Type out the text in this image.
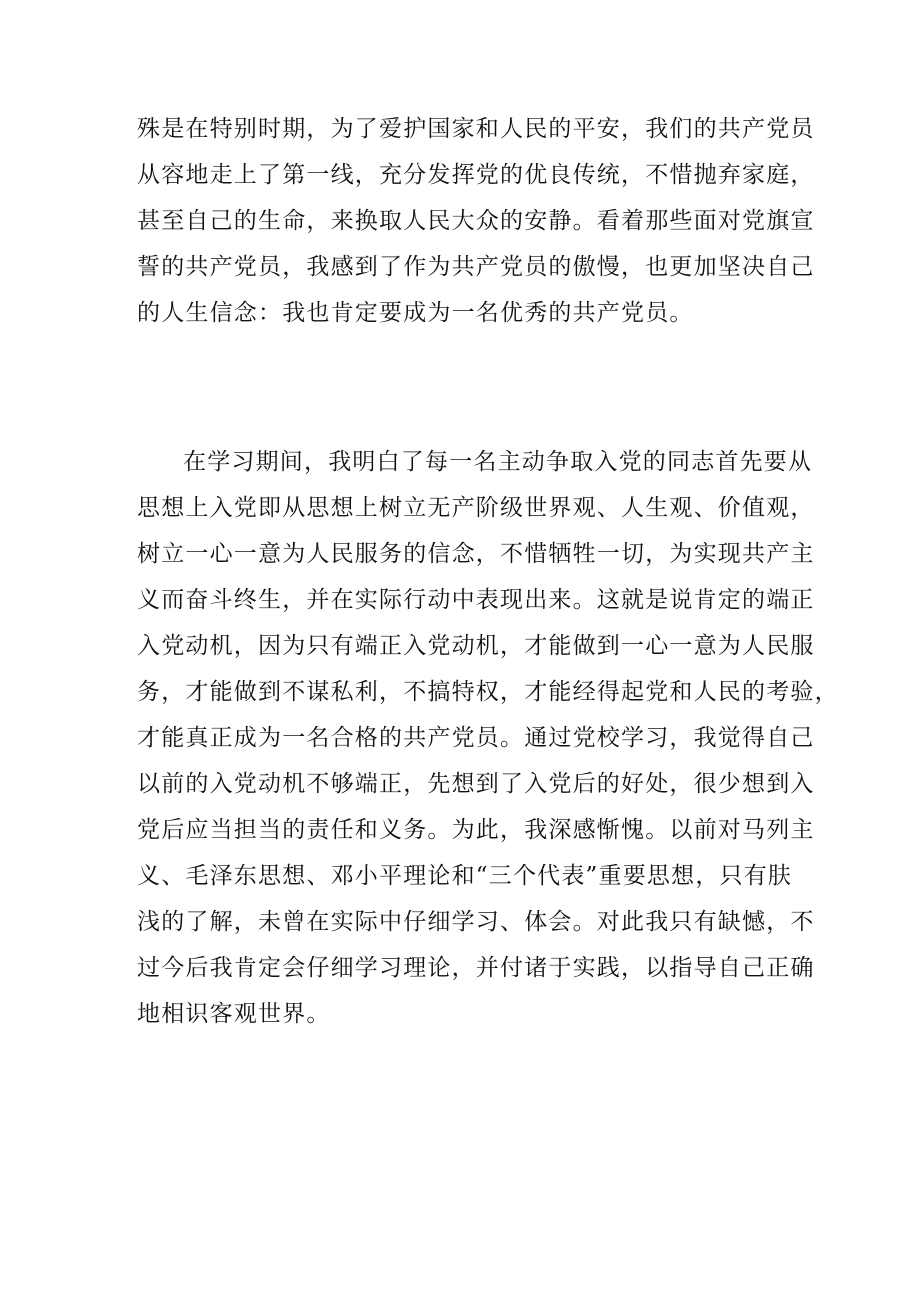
殊是在特别时期，为了爱护国家和人民的平安，我们的共产党员
从容地走上了第一线，充分发挥党的优良传统，不惜抛弃家庭，
甚至自己的生命，来换取人民大众的安静。看着那些面对党旗宣
誓的共产党员，我感到了作为共产党员的傲慢，也更加坚决自己
的人生信念：我也肯定要成为一名优秀的共产党员。
在学习期间，我明白了每一名主动争取入党的同志首先要从
思想上入党即从思想上树立无产阶级世界观、人生观、价值观，
树立一心一意为人民服务的信念，不惜牺牲一切，为实现共产主
义而奋斗终生，并在实际行动中表现出来。这就是说肯定的端正
入党动机，因为只有端正入党动机，才能做到一心一意为人民服
务，才能做到不谋私利，不搞特权，才能经得起党和人民的考验，
才能真正成为一名合格的共产党员。通过党校学习，我觉得自己
以前的入党动机不够端正，先想到了入党后的好处，很少想到入
党后应当担当的责任和义务。为此，我深感惭愧。以前对马列主
义、毛泽东思想、邓小平理论和“三个代表”重要思想，只有肤
浅的了解，未曾在实际中仔细学习、体会。对此我只有缺憾，不
过今后我肯定会仔细学习理论，并付诸于实践，以指导自己正确
地相识客观世界。
